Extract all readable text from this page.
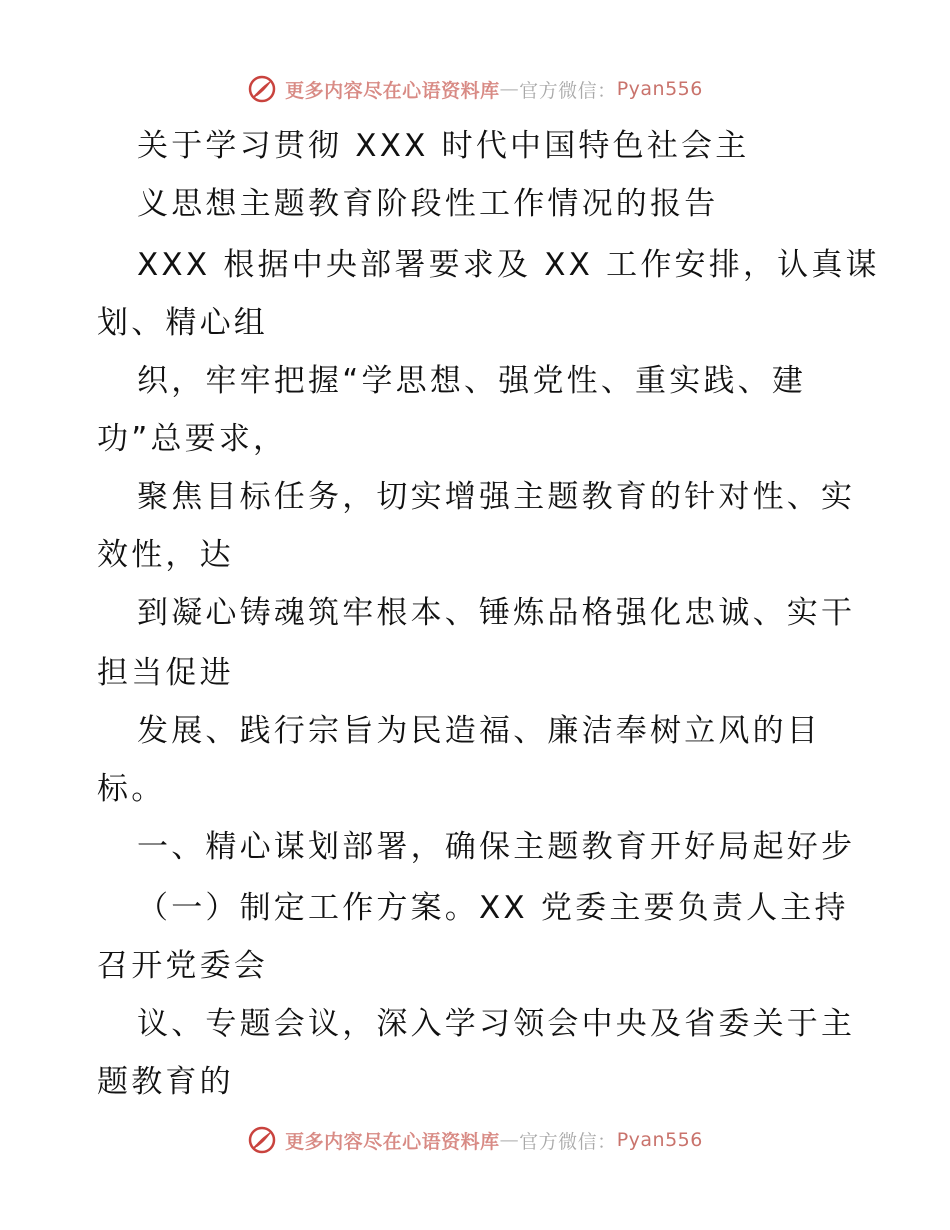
更多内容尽在心语资料库 — 官方微信： Pyan556
关于学习贯彻 XXX 时代中国特色社会主
义思想主题教育阶段性工作情况的报告
XXX 根据中央部署要求及 XX 工作安排，认真谋
划、精心组
织，牢牢把握“学思想、强党性、重实践、建
功”总要求，
聚焦目标任务，切实增强主题教育的针对性、实
效性，达
到凝心铸魂筑牢根本、锤炼品格强化忠诚、实干
担当促进
发展、践行宗旨为民造福、廉洁奉树立风的目
标。
一、精心谋划部署，确保主题教育开好局起好步
（一）制定工作方案。XX 党委主要负责人主持
召开党委会
议、专题会议，深入学习领会中央及省委关于主
题教育的
更多内容尽在心语资料库 — 官方微信： Pyan556
